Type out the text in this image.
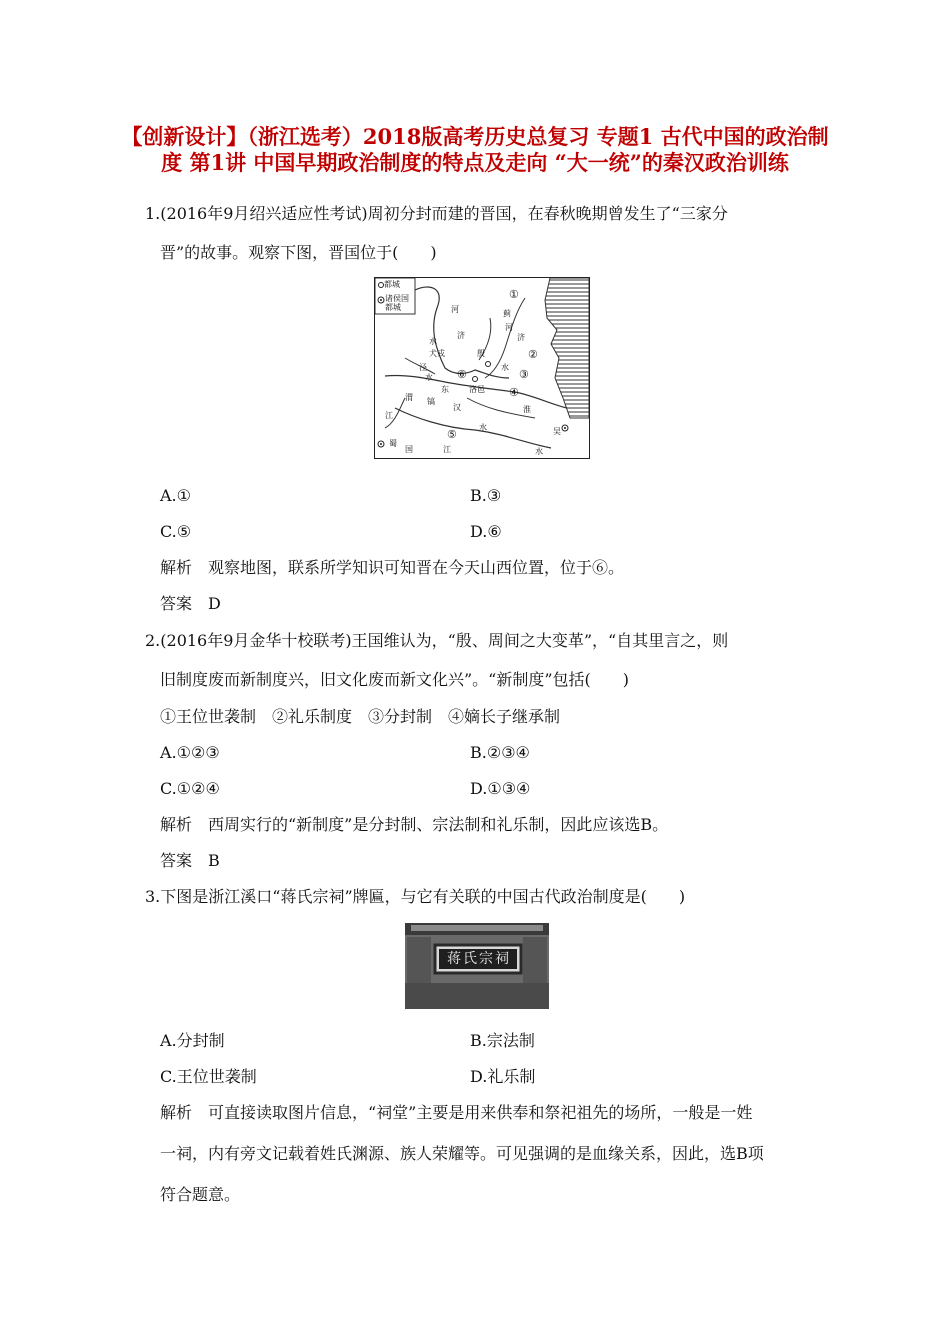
【创新设计】（浙江选考）2018版高考历史总复习 专题1 古代中国的政治制度 第1讲 中国早期政治制度的特点及走向 “大一统”的秦汉政治训练
1.(2016年9月绍兴适应性考试)周初分封而建的晋国，在春秋晚期曾发生了“三家分
晋”的故事。观察下图，晋国位于(　　)
都城
诸侯国
都城
①
②
③
④
⑤
⑥
河
济
水
犬戎
泾
水
渭 镐
东	洛邑
汉	淮
水
殷
蓟
河
济
水
江
蜀
国	江
吴
水
A.①	B.③
C.⑤	D.⑥
解析　观察地图，联系所学知识可知晋在今天山西位置，位于⑥。
答案　D
2.(2016年9月金华十校联考)王国维认为，“殷、周间之大变革”，“自其里言之，则
旧制度废而新制度兴，旧文化废而新文化兴”。“新制度”包括(　　)
①王位世袭制　②礼乐制度　③分封制　④嫡长子继承制
A.①②③	B.②③④
C.①②④	D.①③④
解析　西周实行的“新制度”是分封制、宗法制和礼乐制，因此应该选B。
答案　B
3.下图是浙江溪口“蒋氏宗祠”牌匾，与它有关联的中国古代政治制度是(　　)
蒋氏宗祠
A.分封制	B.宗法制
C.王位世袭制	D.礼乐制
解析　可直接读取图片信息，“祠堂”主要是用来供奉和祭祀祖先的场所，一般是一姓
一祠，内有旁文记载着姓氏渊源、族人荣耀等。可见强调的是血缘关系，因此，选B项
符合题意。
